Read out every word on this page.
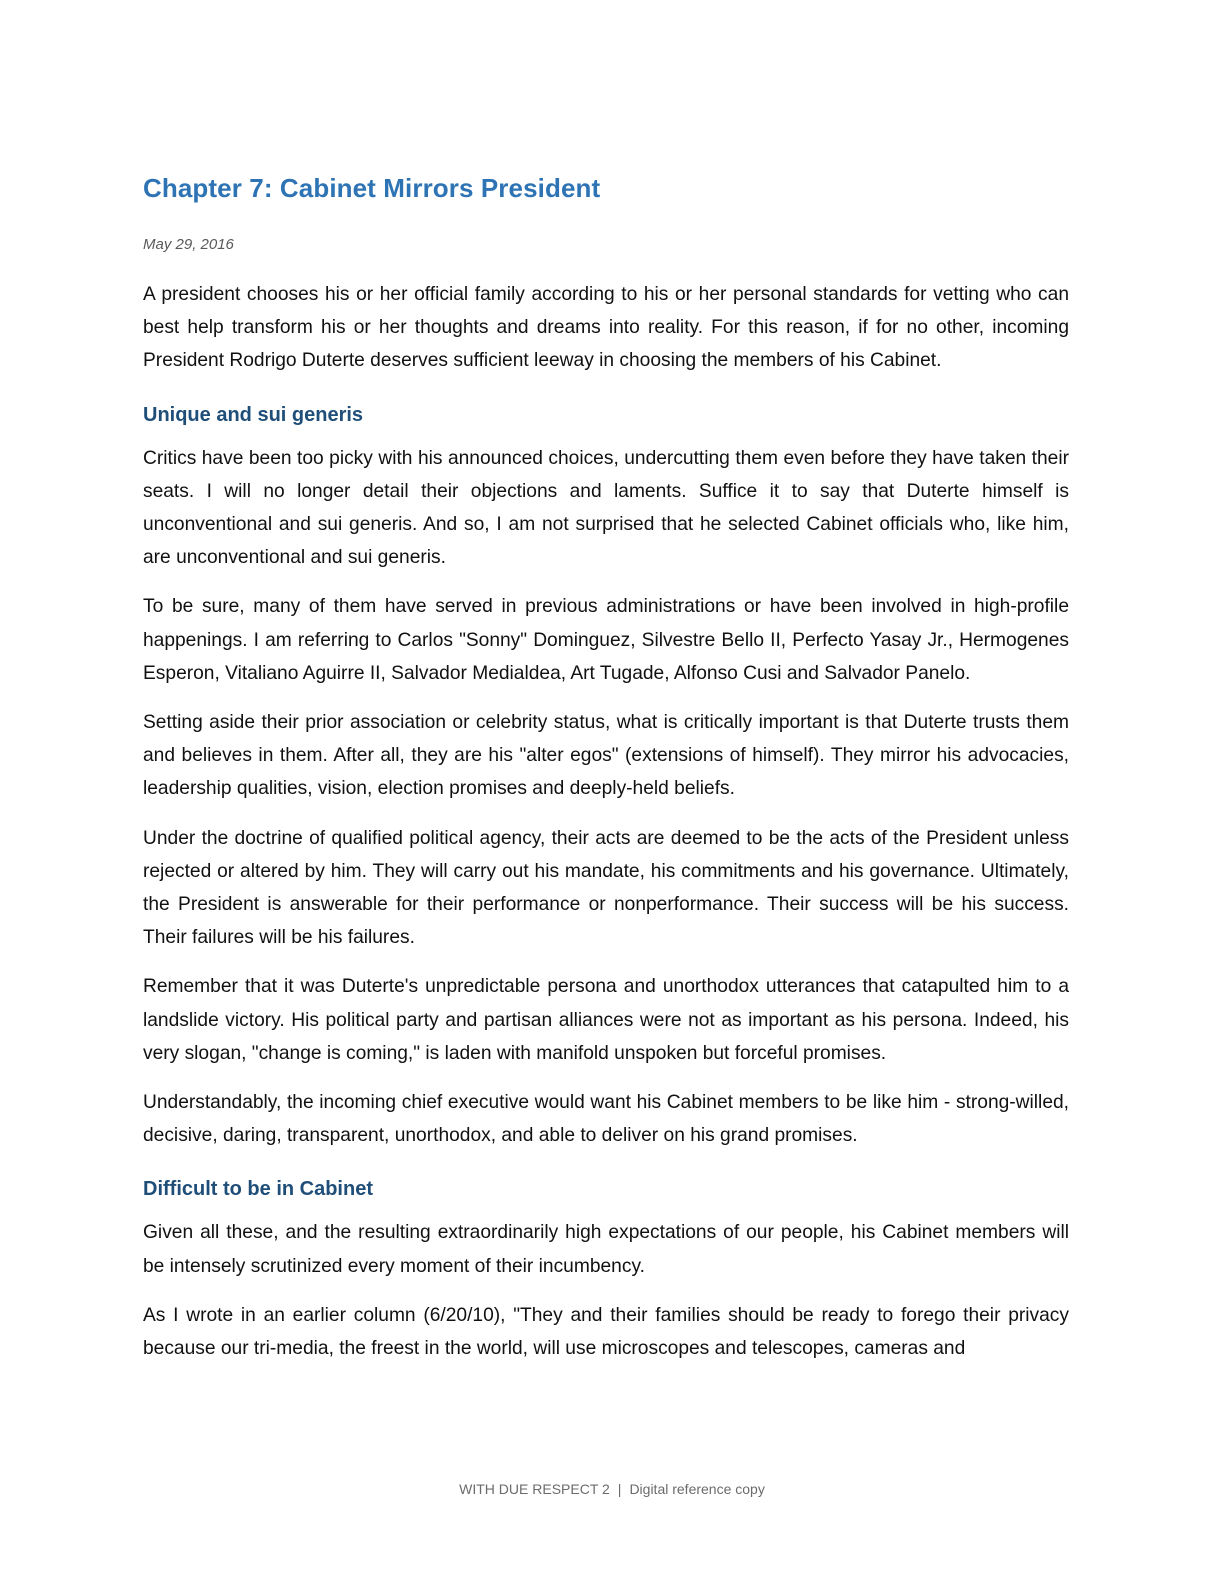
Chapter 7: Cabinet Mirrors President
May 29, 2016

A president chooses his or her official family according to his or her personal standards for vetting who can best help transform his or her thoughts and dreams into reality. For this reason, if for no other, incoming President Rodrigo Duterte deserves sufficient leeway in choosing the members of his Cabinet.

Unique and sui generis

Critics have been too picky with his announced choices, undercutting them even before they have taken their seats. I will no longer detail their objections and laments. Suffice it to say that Duterte himself is unconventional and sui generis. And so, I am not surprised that he selected Cabinet officials who, like him, are unconventional and sui generis.

To be sure, many of them have served in previous administrations or have been involved in high-profile happenings. I am referring to Carlos "Sonny" Dominguez, Silvestre Bello II, Perfecto Yasay Jr., Hermogenes Esperon, Vitaliano Aguirre II, Salvador Medialdea, Art Tugade, Alfonso Cusi and Salvador Panelo.

Setting aside their prior association or celebrity status, what is critically important is that Duterte trusts them and believes in them. After all, they are his "alter egos" (extensions of himself). They mirror his advocacies, leadership qualities, vision, election promises and deeply-held beliefs.

Under the doctrine of qualified political agency, their acts are deemed to be the acts of the President unless rejected or altered by him. They will carry out his mandate, his commitments and his governance. Ultimately, the President is answerable for their performance or nonperformance. Their success will be his success. Their failures will be his failures.

Remember that it was Duterte's unpredictable persona and unorthodox utterances that catapulted him to a landslide victory. His political party and partisan alliances were not as important as his persona. Indeed, his very slogan, "change is coming," is laden with manifold unspoken but forceful promises.

Understandably, the incoming chief executive would want his Cabinet members to be like him - strong-willed, decisive, daring, transparent, unorthodox, and able to deliver on his grand promises.

Difficult to be in Cabinet

Given all these, and the resulting extraordinarily high expectations of our people, his Cabinet members will be intensely scrutinized every moment of their incumbency.

As I wrote in an earlier column (6/20/10), "They and their families should be ready to forego their privacy because our tri-media, the freest in the world, will use microscopes and telescopes, cameras and

WITH DUE RESPECT 2 | Digital reference copy
